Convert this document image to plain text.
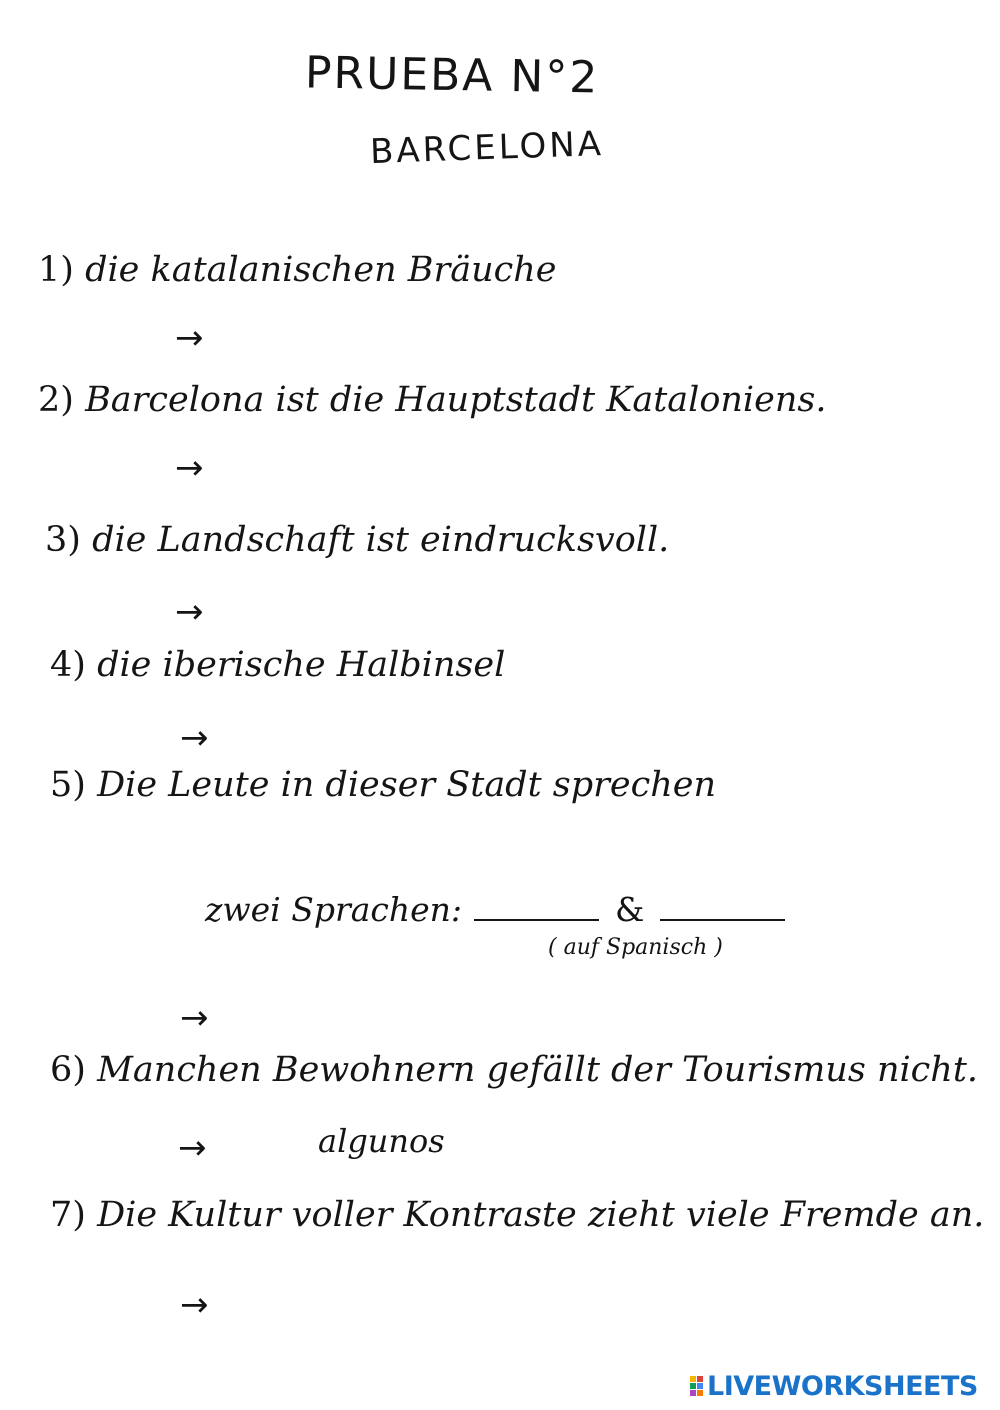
PRUEBA N°2
BARCELONA
1) die katalanischen Bräuche
→
2) Barcelona ist die Hauptstadt Kataloniens.
→
3) die Landschaft ist eindrucksvoll.
→
4) die iberische Halbinsel
→
5) Die Leute in dieser Stadt sprechen
zwei Sprachen:	&
( auf Spanisch )
→
6) Manchen Bewohnern gefällt der Tourismus nicht.
→	algunos
7) Die Kultur voller Kontraste zieht viele Fremde an.
→
LIVEWORKSHEETS
